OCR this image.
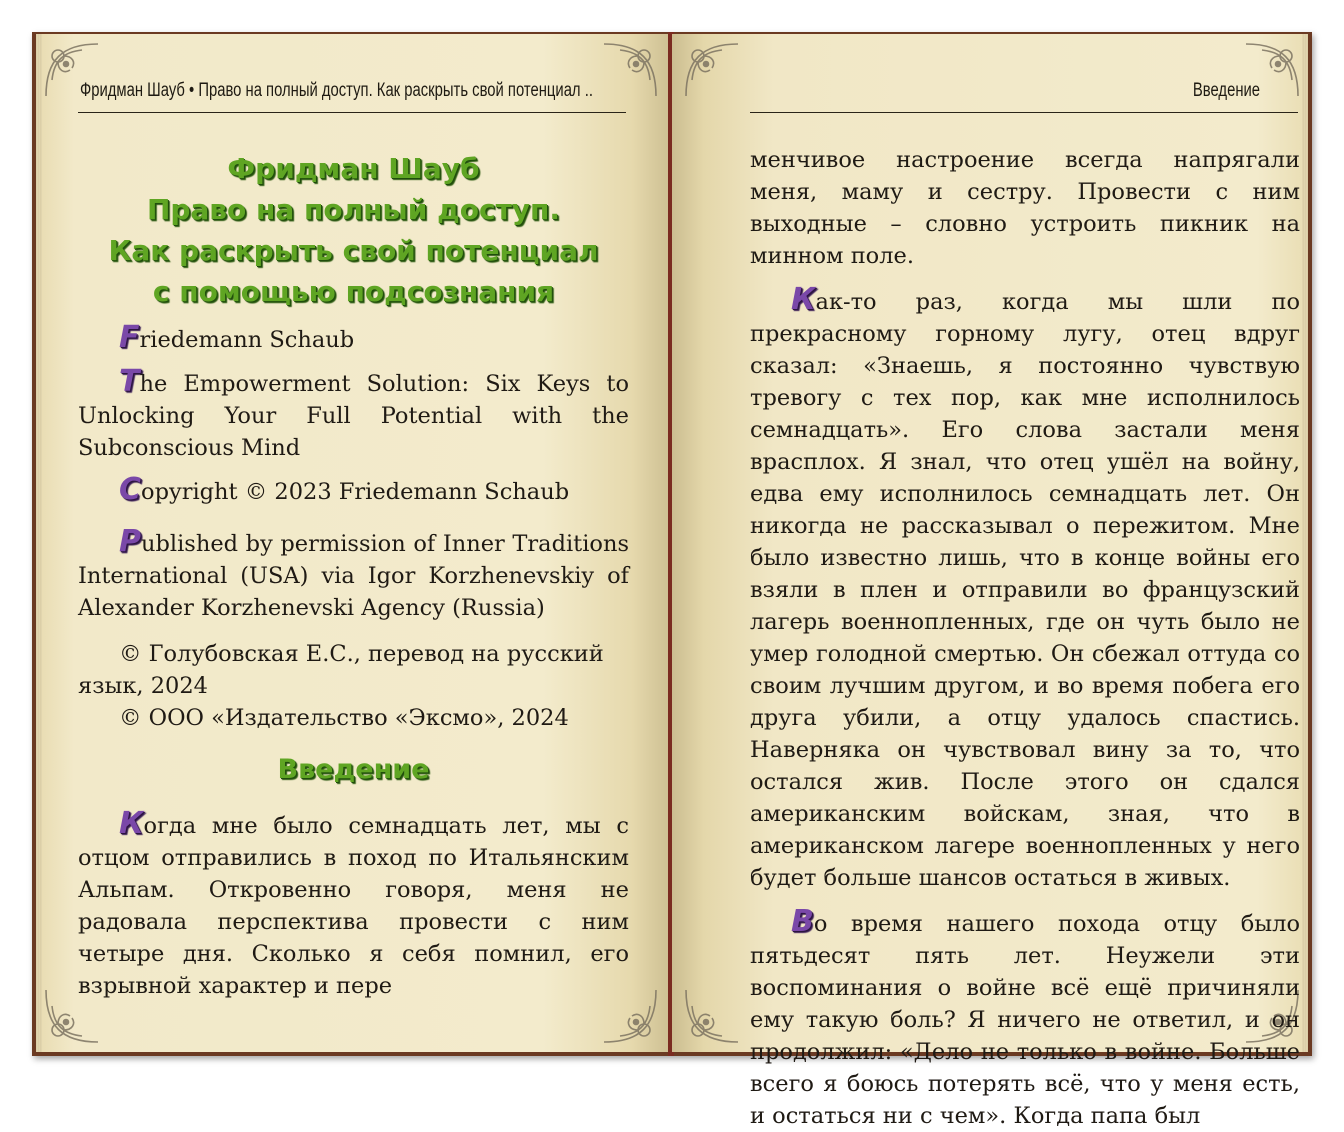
Фридман Шауб • Право на полный доступ. Как раскрыть свой потенциал ..
Фридман Шауб
Право на полный доступ.
Как раскрыть свой потенциал
с помощью подсознания

Friedemann Schaub

The Empowerment Solution: Six Keys to Unlocking Your Full Potential with the Subconscious Mind

Copyright © 2023 Friedemann Schaub

Published by permission of Inner Traditions International (USA) via Igor Korzhenevskiy of Alexander Korzhenevski Agency (Russia)

© Голубовская Е.С., перевод на русский язык, 2024

© ООО «Издательство «Эксмо», 2024

Введение

Когда мне было семнадцать лет, мы с отцом отправились в поход по Итальянским Альпам. Откровенно говоря, меня не радовала перспектива провести с ним четыре дня. Сколько я себя помнил, его взрывной характер и пере

Введение

менчивое настроение всегда напрягали меня, маму и сестру. Провести с ним выходные – словно устроить пикник на минном поле.

Как-то раз, когда мы шли по прекрасному горному лугу, отец вдруг сказал: «Знаешь, я постоянно чувствую тревогу с тех пор, как мне исполнилось семнадцать». Его слова застали меня врасплох. Я знал, что отец ушёл на войну, едва ему исполнилось семнадцать лет. Он никогда не рассказывал о пережитом. Мне было известно лишь, что в конце войны его взяли в плен и отправили во французский лагерь военнопленных, где он чуть было не умер голодной смертью. Он сбежал оттуда со своим лучшим другом, и во время побега его друга убили, а отцу удалось спастись. Наверняка он чувствовал вину за то, что остался жив. После этого он сдался американским войскам, зная, что в американском лагере военнопленных у него будет больше шансов остаться в живых.

Во время нашего похода отцу было пятьдесят пять лет. Неужели эти воспоминания о войне всё ещё причиняли ему такую боль? Я ничего не ответил, и он продолжил: «Дело не только в войне. Больше всего я боюсь потерять всё, что у меня есть, и остаться ни с чем». Когда папа был
